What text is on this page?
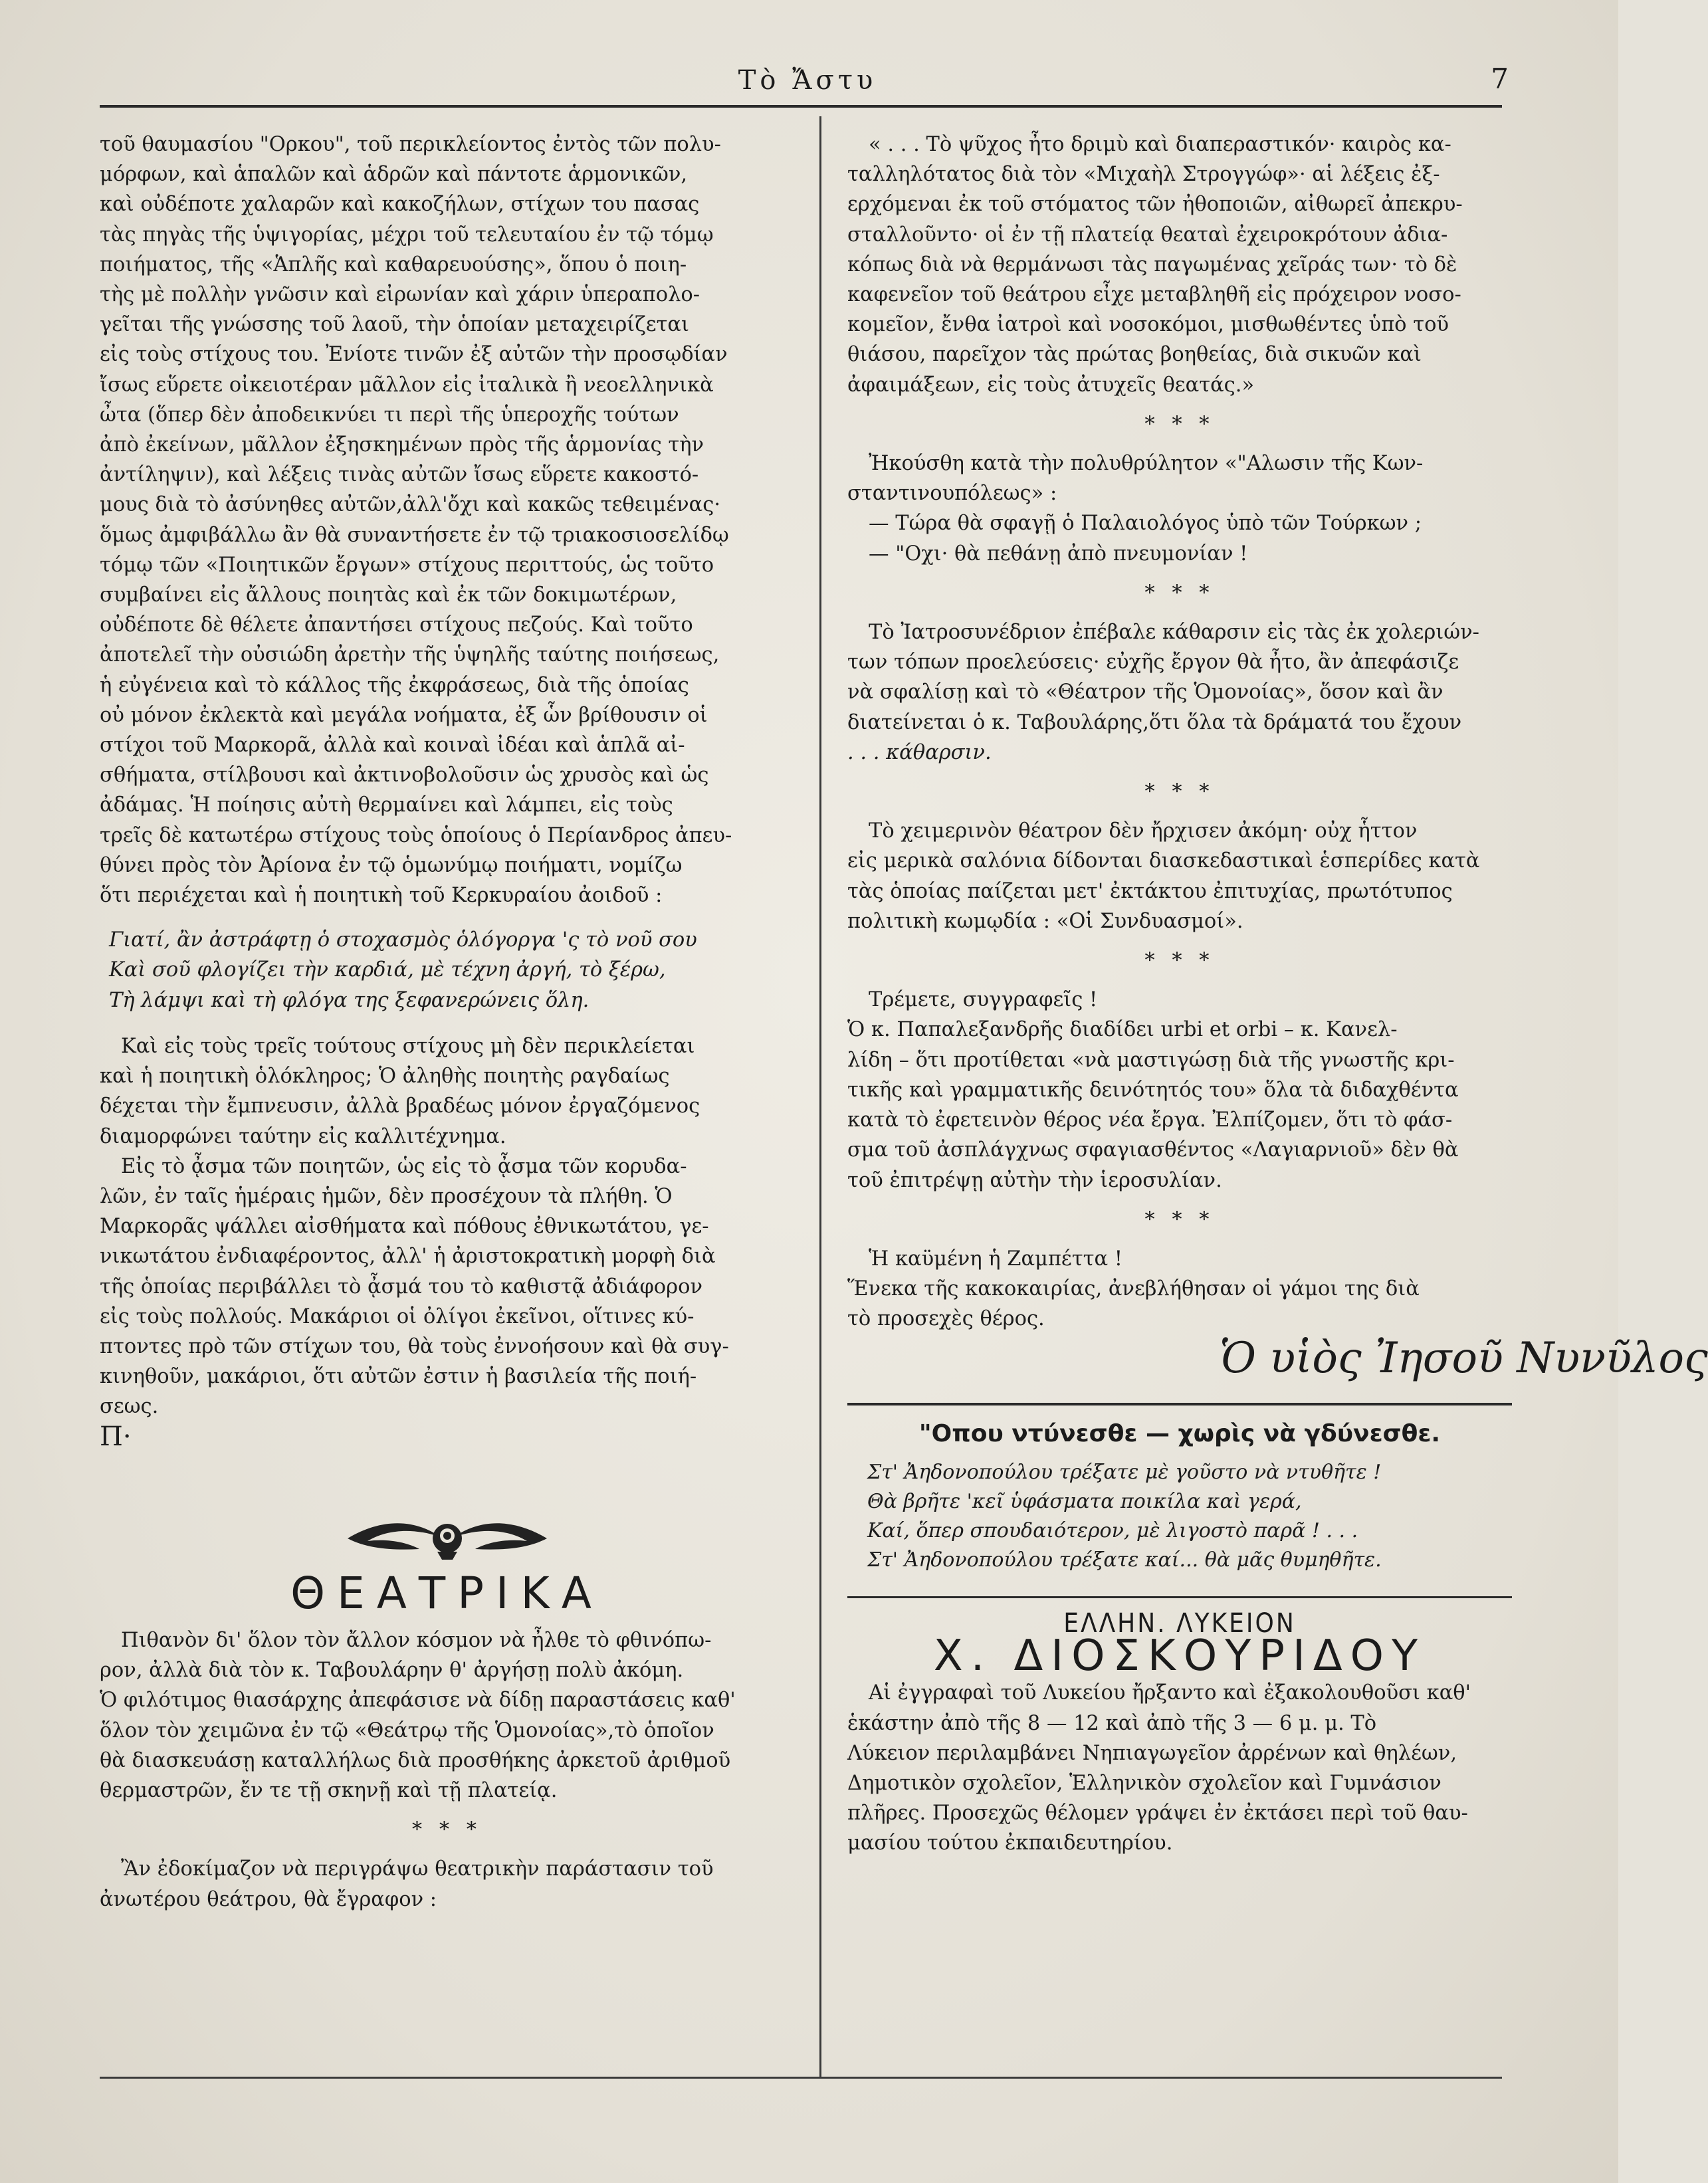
Τὸ Ἄστυ	7

τοῦ θαυμασίου "Ορκου", τοῦ περικλείοντος ἐντὸς τῶν πολυ-
μόρφων, καὶ ἁπαλῶν καὶ ἁδρῶν καὶ πάντοτε ἁρμονικῶν,
καὶ οὐδέποτε χαλαρῶν καὶ κακοζήλων, στίχων του πασας
τὰς πηγὰς τῆς ὑψιγορίας, μέχρι τοῦ τελευταίου ἐν τῷ τόμῳ
ποιήματος, τῆς «Ἁπλῆς καὶ καθαρευούσης», ὅπου ὁ ποιη-
τὴς μὲ πολλὴν γνῶσιν καὶ εἰρωνίαν καὶ χάριν ὑπεραπολο-
γεῖται τῆς γνώσσης τοῦ λαοῦ, τὴν ὁποίαν μεταχειρίζεται
εἰς τοὺς στίχους του. Ἐνίοτε τινῶν ἐξ αὐτῶν τὴν προσῳδίαν
ἴσως εὕρετε οἰκειοτέραν μᾶλλον εἰς ἰταλικὰ ἢ νεοελληνικὰ
ὦτα (ὅπερ δὲν ἀποδεικνύει τι περὶ τῆς ὑπεροχῆς τούτων
ἀπὸ ἐκείνων, μᾶλλον ἐξησκημένων πρὸς τῆς ἁρμονίας τὴν
ἀντίληψιν), καὶ λέξεις τινὰς αὐτῶν ἴσως εὕρετε κακοστό-
μους διὰ τὸ ἀσύνηθες αὐτῶν,ἀλλ'ὄχι καὶ κακῶς τεθειμένας·
ὅμως ἀμφιβάλλω ἂν θὰ συναντήσετε ἐν τῷ τριακοσιοσελίδῳ
τόμῳ τῶν «Ποιητικῶν ἔργων» στίχους περιττούς, ὡς τοῦτο
συμβαίνει εἰς ἄλλους ποιητὰς καὶ ἐκ τῶν δοκιμωτέρων,
οὐδέποτε δὲ θέλετε ἀπαντήσει στίχους πεζούς. Καὶ τοῦτο
ἀποτελεῖ τὴν οὐσιώδη ἀρετὴν τῆς ὑψηλῆς ταύτης ποιήσεως,
ἡ εὐγένεια καὶ τὸ κάλλος τῆς ἐκφράσεως, διὰ τῆς ὁποίας
οὐ μόνον ἐκλεκτὰ καὶ μεγάλα νοήματα, ἐξ ὧν βρίθουσιν οἱ
στίχοι τοῦ Μαρκορᾶ, ἀλλὰ καὶ κοιναὶ ἰδέαι καὶ ἁπλᾶ αἰ-
σθήματα, στίλβουσι καὶ ἀκτινοβολοῦσιν ὡς χρυσὸς καὶ ὡς
ἀδάμας. Ἡ ποίησις αὐτὴ θερμαίνει καὶ λάμπει, εἰς τοὺς
τρεῖς δὲ κατωτέρω στίχους τοὺς ὁποίους ὁ Περίανδρος ἀπευ-
θύνει πρὸς τὸν Ἀρίονα ἐν τῷ ὁμωνύμῳ ποιήματι, νομίζω
ὅτι περιέχεται καὶ ἡ ποιητικὴ τοῦ Κερκυραίου ἀοιδοῦ :

Γιατί, ἂν ἀστράφτῃ ὁ στοχασμὸς ὁλόγοργα 'ς τὸ νοῦ σου
Καὶ σοῦ φλογίζει τὴν καρδιά, μὲ τέχνη ἀργή, τὸ ξέρω,
Τὴ λάμψι καὶ τὴ φλόγα της ξεφανερώνεις ὅλη.

Καὶ εἰς τοὺς τρεῖς τούτους στίχους μὴ δὲν περικλείεται
καὶ ἡ ποιητικὴ ὁλόκληρος; Ὁ ἀληθὴς ποιητὴς ραγδαίως
δέχεται τὴν ἔμπνευσιν, ἀλλὰ βραδέως μόνον ἐργαζόμενος
διαμορφώνει ταύτην εἰς καλλιτέχνημα.

Εἰς τὸ ᾆσμα τῶν ποιητῶν, ὡς εἰς τὸ ᾆσμα τῶν κορυδα-
λῶν, ἐν ταῖς ἡμέραις ἡμῶν, δὲν προσέχουν τὰ πλήθη. Ὁ
Μαρκορᾶς ψάλλει αἰσθήματα καὶ πόθους ἐθνικωτάτου, γε-
νικωτάτου ἐνδιαφέροντος, ἀλλ' ἡ ἀριστοκρατικὴ μορφὴ διὰ
τῆς ὁποίας περιβάλλει τὸ ᾆσμά του τὸ καθιστᾷ ἀδιάφορον
εἰς τοὺς πολλούς. Μακάριοι οἱ ὀλίγοι ἐκεῖνοι, οἵτινες κύ-
πτοντες πρὸ τῶν στίχων του, θὰ τοὺς ἐννοήσουν καὶ θὰ συγ-
κινηθοῦν, μακάριοι, ὅτι αὐτῶν ἐστιν ἡ βασιλεία τῆς ποιή-
σεως.

Π·

ΘΕΑΤΡΙΚΑ

Πιθανὸν δι' ὅλον τὸν ἄλλον κόσμον νὰ ἦλθε τὸ φθινόπω-
ρον, ἀλλὰ διὰ τὸν κ. Ταβουλάρην θ' ἀργήσῃ πολὺ ἀκόμη.
Ὁ φιλότιμος θιασάρχης ἀπεφάσισε νὰ δίδῃ παραστάσεις καθ'
ὅλον τὸν χειμῶνα ἐν τῷ «Θεάτρῳ τῆς Ὁμονοίας»,τὸ ὁποῖον
θὰ διασκευάσῃ καταλλήλως διὰ προσθήκης ἀρκετοῦ ἀριθμοῦ
θερμαστρῶν, ἔν τε τῇ σκηνῇ καὶ τῇ πλατείᾳ.

* * *

Ἂν ἐδοκίμαζον νὰ περιγράψω θεατρικὴν παράστασιν τοῦ
ἀνωτέρου θεάτρου, θὰ ἔγραφον :

« . . . Τὸ ψῦχος ἦτο δριμὺ καὶ διαπεραστικόν· καιρὸς κα-
ταλληλότατος διὰ τὸν «Μιχαὴλ Στρογγώφ»· αἱ λέξεις ἐξ-
ερχόμεναι ἐκ τοῦ στόματος τῶν ἠθοποιῶν, αἰθωρεῖ ἀπεκρυ-
σταλλοῦντο· οἱ ἐν τῇ πλατείᾳ θεαταὶ ἐχειροκρότουν ἀδια-
κόπως διὰ νὰ θερμάνωσι τὰς παγωμένας χεῖράς των· τὸ δὲ
καφενεῖον τοῦ θεάτρου εἶχε μεταβληθῆ εἰς πρόχειρον νοσο-
κομεῖον, ἔνθα ἰατροὶ καὶ νοσοκόμοι, μισθωθέντες ὑπὸ τοῦ
θιάσου, παρεῖχον τὰς πρώτας βοηθείας, διὰ σικυῶν καὶ
ἀφαιμάξεων, εἰς τοὺς ἀτυχεῖς θεατάς.»

* * *

Ἠκούσθη κατὰ τὴν πολυθρύλητον «"Αλωσιν τῆς Κων-
σταντινουπόλεως» :
— Τώρα θὰ σφαγῇ ὁ Παλαιολόγος ὑπὸ τῶν Τούρκων ;
— "Οχι· θὰ πεθάνῃ ἀπὸ πνευμονίαν !

* * *

Τὸ Ἰατροσυνέδριον ἐπέβαλε κάθαρσιν εἰς τὰς ἐκ χολεριών-
των τόπων προελεύσεις· εὐχῆς ἔργον θὰ ἦτο, ἂν ἀπεφάσιζε
νὰ σφαλίσῃ καὶ τὸ «Θέατρον τῆς Ὁμονοίας», ὅσον καὶ ἂν
διατείνεται ὁ κ. Ταβουλάρης,ὅτι ὅλα τὰ δράματά του ἔχουν
. . . κάθαρσιν.

* * *

Τὸ χειμερινὸν θέατρον δὲν ἤρχισεν ἀκόμη· οὐχ ἧττον
εἰς μερικὰ σαλόνια δίδονται διασκεδαστικαὶ ἑσπερίδες κατὰ
τὰς ὁποίας παίζεται μετ' ἐκτάκτου ἐπιτυχίας, πρωτότυπος
πολιτικὴ κωμῳδία : «Οἱ Συνδυασμοί».

* * *

Τρέμετε, συγγραφεῖς !
Ὁ κ. Παπαλεξανδρῆς διαδίδει urbi et orbi – κ. Κανελ-
λίδη – ὅτι προτίθεται «νὰ μαστιγώσῃ διὰ τῆς γνωστῆς κρι-
τικῆς καὶ γραμματικῆς δεινότητός του» ὅλα τὰ διδαχθέντα
κατὰ τὸ ἐφετεινὸν θέρος νέα ἔργα. Ἐλπίζομεν, ὅτι τὸ φάσ-
σμα τοῦ ἀσπλάγχνως σφαγιασθέντος «Λαγιαρνιοῦ» δὲν θὰ
τοῦ ἐπιτρέψῃ αὐτὴν τὴν ἱεροσυλίαν.

* * *

Ἡ καϋμένη ἡ Ζαμπέττα !
Ἕνεκα τῆς κακοκαιρίας, ἀνεβλήθησαν οἱ γάμοι της διὰ
τὸ προσεχὲς θέρος.

Ὁ υἱὸς Ἰησοῦ Νυνῦλος
"Οπου ντύνεσθε — χωρὶς νὰ γδύνεσθε.
Στ' Ἀηδονοπούλου τρέξατε μὲ γοῦστο νὰ ντυθῆτε !
Θὰ βρῆτε 'κεῖ ὑφάσματα ποικίλα καὶ γερά,
Καί, ὅπερ σπουδαιότερον, μὲ λιγοστὸ παρᾶ ! . . .
Στ' Ἀηδονοπούλου τρέξατε καί... θὰ μᾶς θυμηθῆτε.
ΕΛΛΗΝ. ΛΥΚΕΙΟΝ
Χ. ΔΙΟΣΚΟΥΡΙΔΟΥ

Αἱ ἐγγραφαὶ τοῦ Λυκείου ἤρξαντο καὶ ἐξακολουθοῦσι καθ'
ἑκάστην ἀπὸ τῆς 8 — 12 καὶ ἀπὸ τῆς 3 — 6 μ. μ. Τὸ
Λύκειον περιλαμβάνει Νηπιαγωγεῖον ἀρρένων καὶ θηλέων,
Δημοτικὸν σχολεῖον, Ἑλληνικὸν σχολεῖον καὶ Γυμνάσιον
πλῆρες. Προσεχῶς θέλομεν γράψει ἐν ἐκτάσει περὶ τοῦ θαυ-
μασίου τούτου ἐκπαιδευτηρίου.
